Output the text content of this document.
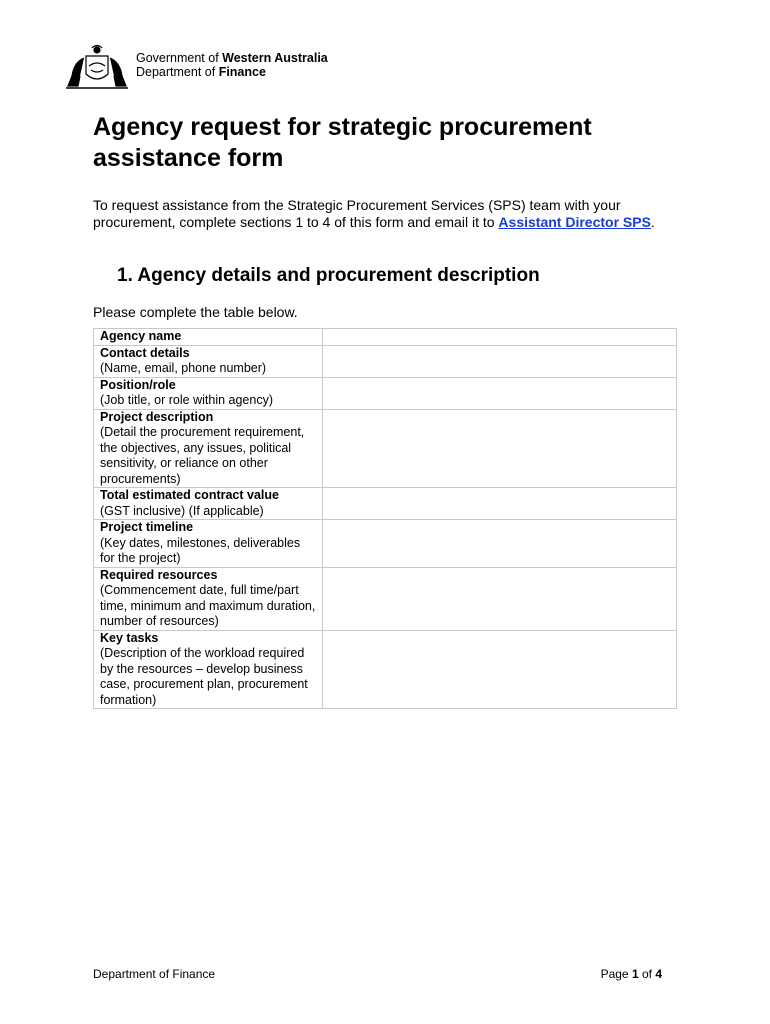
Government of Western Australia
Department of Finance
Agency request for strategic procurement assistance form

To request assistance from the Strategic Procurement Services (SPS) team with your procurement, complete sections 1 to 4 of this form and email it to Assistant Director SPS.

1. Agency details and procurement description
Please complete the table below.
Agency name	

Contact details
(Name, email, phone number)	

Position/role
(Job title, or role within agency)	

Project description
(Detail the procurement requirement, the objectives, any issues, political sensitivity, or reliance on other procurements)	

Total estimated contract value
(GST inclusive) (If applicable)	

Project timeline
(Key dates, milestones, deliverables for the project)	

Required resources
(Commencement date, full time/part time, minimum and maximum duration, number of resources)	

Key tasks
(Description of the workload required by the resources – develop business case, procurement plan, procurement formation)	

Department of Finance	Page 1 of 4
